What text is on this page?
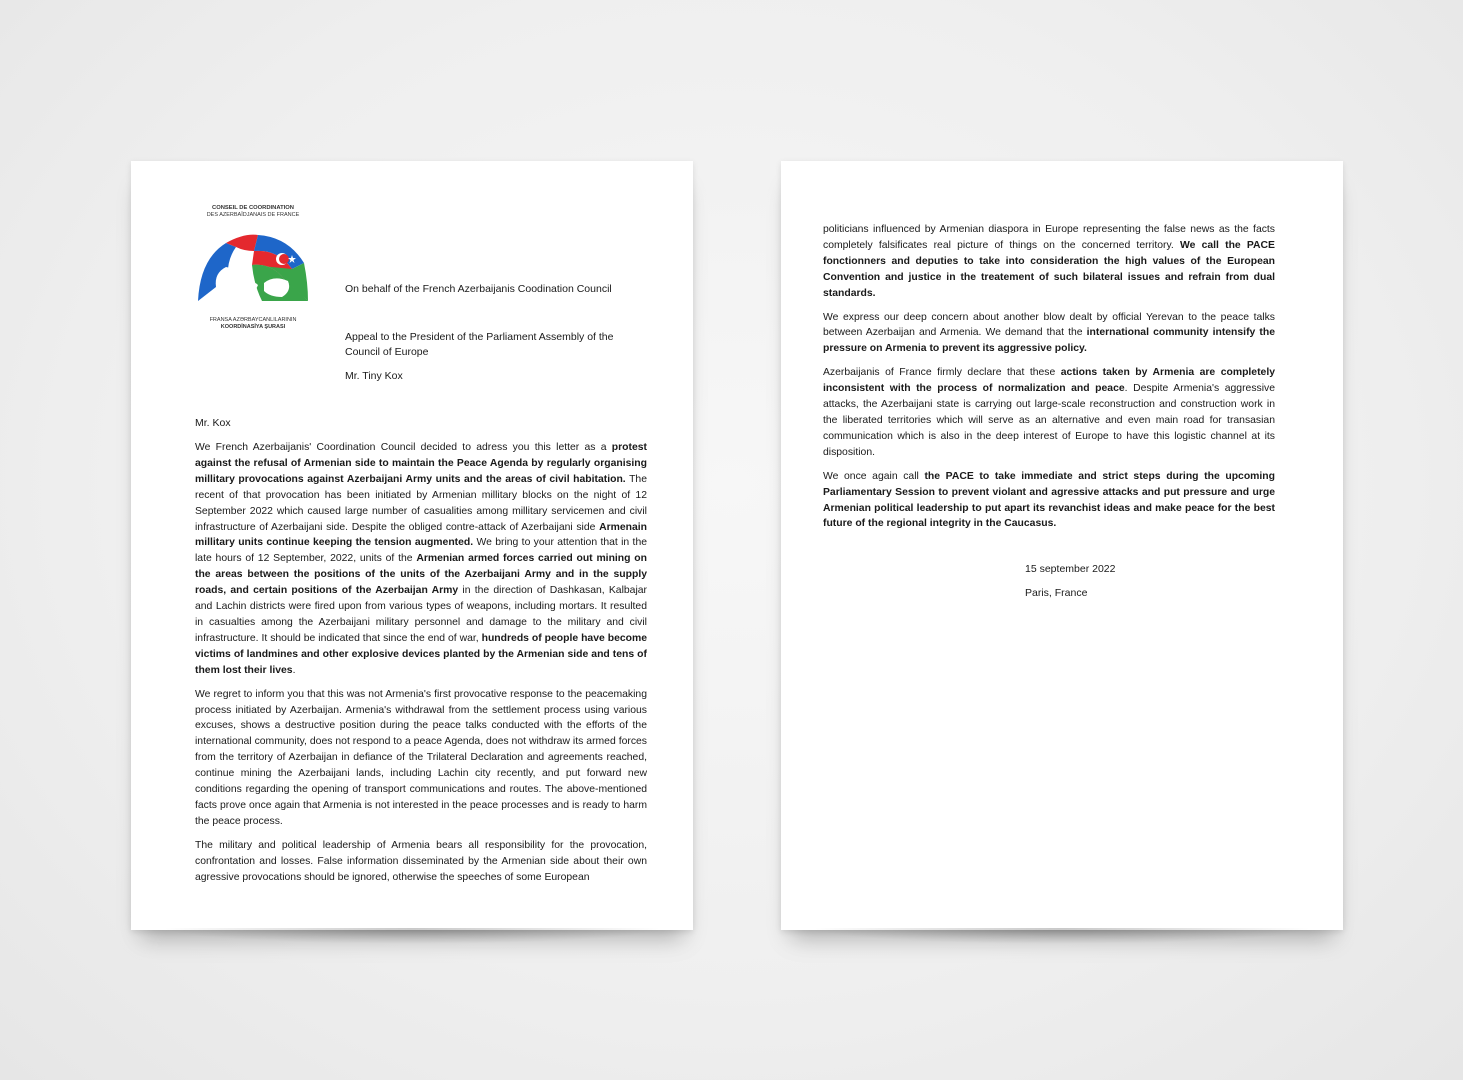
CONSEIL DE COORDINATION
DES AZERBAÏDJANAIS DE FRANCE
FRANSA AZƏRBAYCANLILARININ
KOORDİNASİYA ŞURASI
On behalf of the French Azerbaijanis Coodination Council
Appeal to the President of the Parliament Assembly of the
Council of Europe
Mr. Tiny Kox
Mr. Kox

We French Azerbaijanis' Coordination Council decided to adress you this letter as a protest against the refusal of Armenian side to maintain the Peace Agenda by regularly organising millitary provocations against Azerbaijani Army units and the areas of civil habitation. The recent of that provocation has been initiated by Armenian millitary blocks on the night of 12 September 2022 which caused large number of casualities among millitary servicemen and civil infrastructure of Azerbaijani side. Despite the obliged contre-attack of Azerbaijani side Armenain millitary units continue keeping the tension augmented. We bring to your attention that in the late hours of 12 September, 2022, units of the Armenian armed forces carried out mining on the areas between the positions of the units of the Azerbaijani Army and in the supply roads, and certain positions of the Azerbaijan Army in the direction of Dashkasan, Kalbajar and Lachin districts were fired upon from various types of weapons, including mortars. It resulted in casualties among the Azerbaijani military personnel and damage to the military and civil infrastructure. It should be indicated that since the end of war, hundreds of people have become victims of landmines and other explosive devices planted by the Armenian side and tens of them lost their lives.

We regret to inform you that this was not Armenia's first provocative response to the peacemaking process initiated by Azerbaijan. Armenia's withdrawal from the settlement process using various excuses, shows a destructive position during the peace talks conducted with the efforts of the international community, does not respond to a peace Agenda, does not withdraw its armed forces from the territory of Azerbaijan in defiance of the Trilateral Declaration and agreements reached, continue mining the Azerbaijani lands, including Lachin city recently, and put forward new conditions regarding the opening of transport communications and routes. The above-mentioned facts prove once again that Armenia is not interested in the peace processes and is ready to harm the peace process.

The military and political leadership of Armenia bears all responsibility for the provocation, confrontation and losses. False information disseminated by the Armenian side about their own agressive provocations should be ignored, otherwise the speeches of some European

politicians influenced by Armenian diaspora in Europe representing the false news as the facts completely falsificates real picture of things on the concerned territory. We call the PACE fonctionners and deputies to take into consideration the high values of the European Convention and justice in the treatement of such bilateral issues and refrain from dual standards.

We express our deep concern about another blow dealt by official Yerevan to the peace talks between Azerbaijan and Armenia. We demand that the international community intensify the pressure on Armenia to prevent its aggressive policy.

Azerbaijanis of France firmly declare that these actions taken by Armenia are completely inconsistent with the process of normalization and peace. Despite Armenia's aggressive attacks, the Azerbaijani state is carrying out large-scale reconstruction and construction work in the liberated territories which will serve as an alternative and even main road for transasian communication which is also in the deep interest of Europe to have this logistic channel at its disposition.

We once again call the PACE to take immediate and strict steps during the upcoming Parliamentary Session to prevent violant and agressive attacks and put pressure and urge Armenian political leadership to put apart its revanchist ideas and make peace for the best future of the regional integrity in the Caucasus.

15 september 2022
Paris, France
